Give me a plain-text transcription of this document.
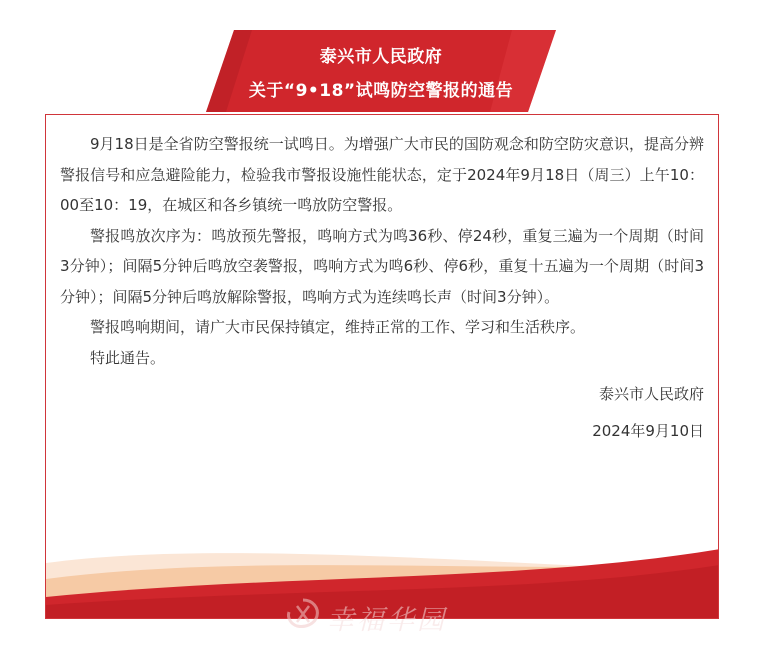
泰兴市人民政府
关于“9•18”试鸣防空警报的通告

9月18日是全省防空警报统一试鸣日。为增强广大市民的国防观念和防空防灾意识，提高分辨警报信号和应急避险能力，检验我市警报设施性能状态，定于2024年9月18日（周三）上午10：00至10：19，在城区和各乡镇统一鸣放防空警报。

警报鸣放次序为：鸣放预先警报，鸣响方式为鸣36秒、停24秒，重复三遍为一个周期（时间3分钟）；间隔5分钟后鸣放空袭警报，鸣响方式为鸣6秒、停6秒，重复十五遍为一个周期（时间3分钟）；间隔5分钟后鸣放解除警报，鸣响方式为连续鸣长声（时间3分钟）。

警报鸣响期间，请广大市民保持镇定，维持正常的工作、学习和生活秩序。

特此通告。

泰兴市人民政府

2024年9月10日

幸福华园
